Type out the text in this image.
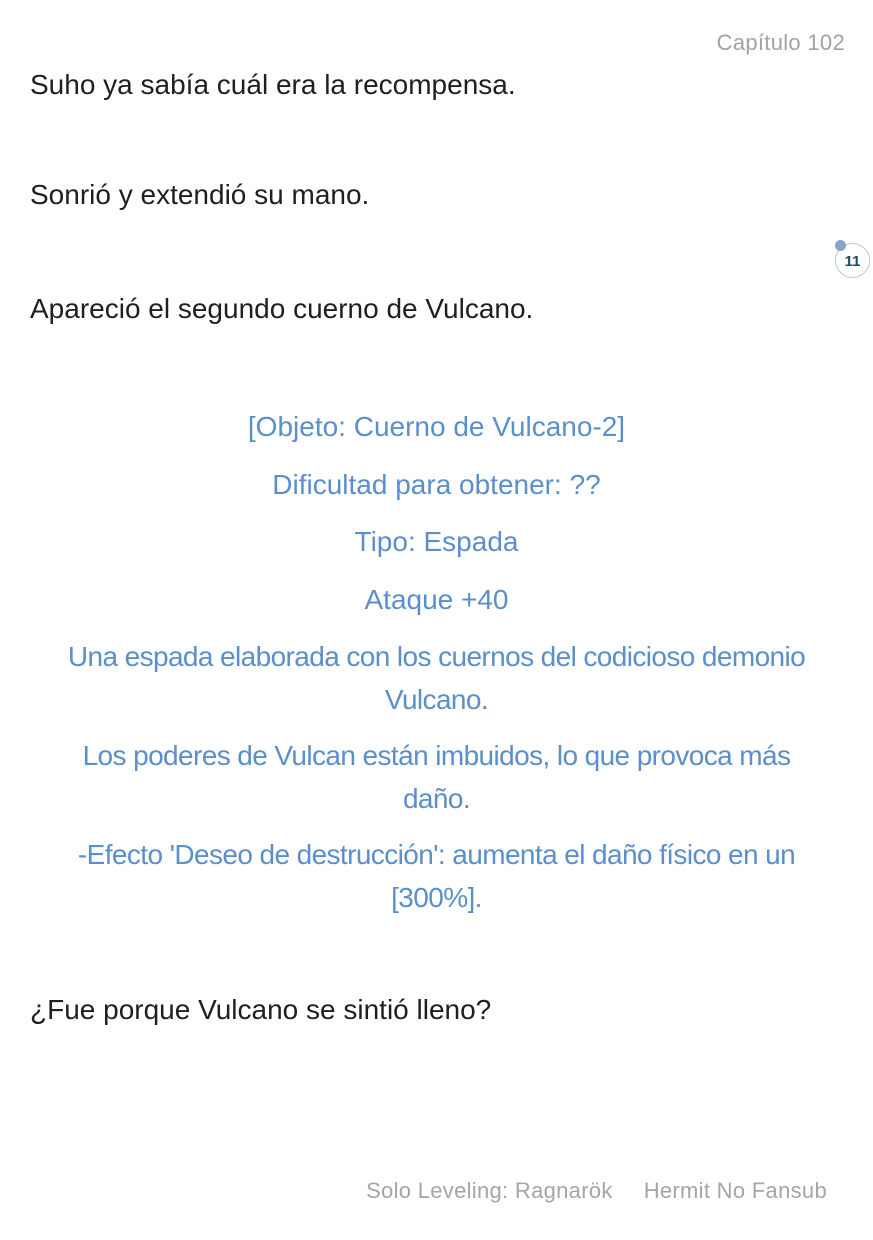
Capítulo 102
Suho ya sabía cuál era la recompensa.
Sonrió y extendió su mano.
11
Apareció el segundo cuerno de Vulcano.
[Objeto: Cuerno de Vulcano-2]
Dificultad para obtener: ??
Tipo: Espada
Ataque +40
Una espada elaborada con los cuernos del codicioso demonio
Vulcano.
Los poderes de Vulcan están imbuidos, lo que provoca más
daño.
-Efecto 'Deseo de destrucción': aumenta el daño físico en un
[300%].
¿Fue porque Vulcano se sintió lleno?
Solo Leveling: Ragnarök Hermit No Fansub
